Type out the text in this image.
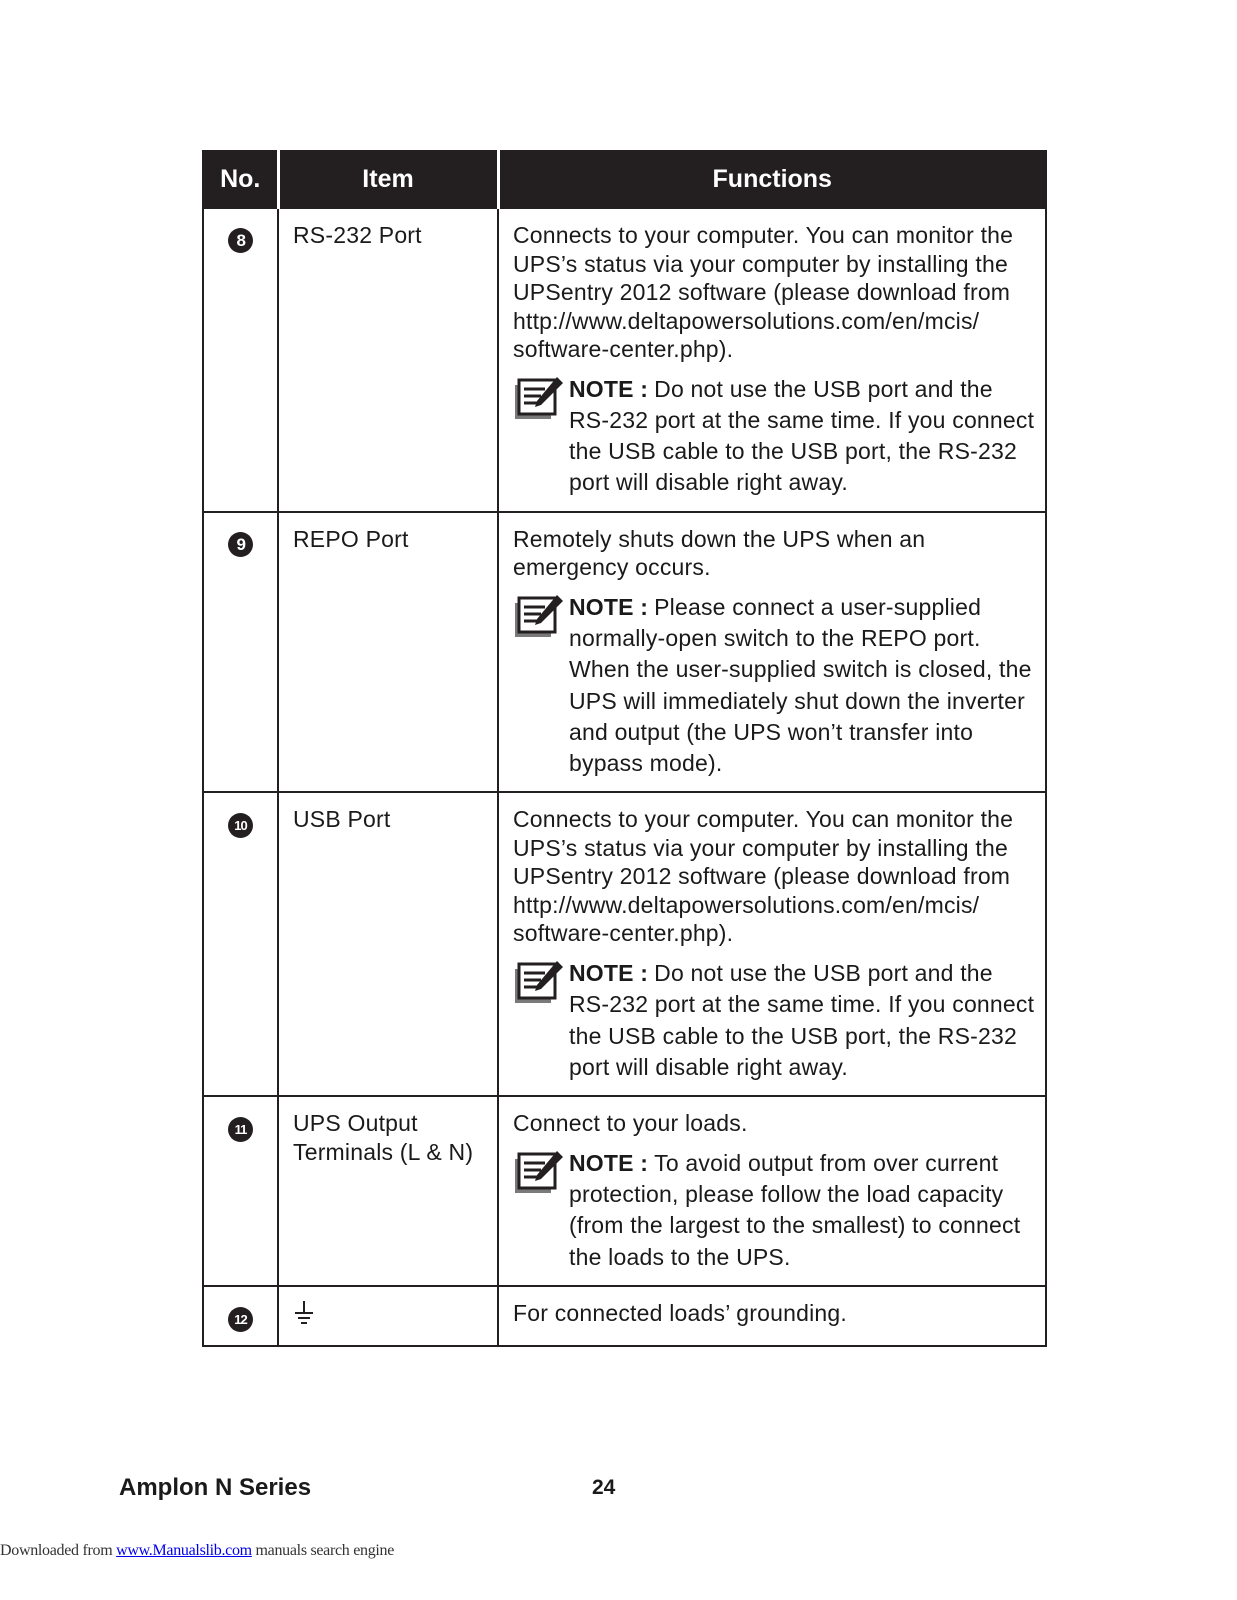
No.	Item	Functions
8	RS-232 Port	Connects to your computer. You can monitor the UPS’s status via your computer by installing the UPSentry 2012 software (please download from http://www.deltapowersolutions.com/en/mcis/ software-center.php).
NOTE : Do not use the USB port and the RS-232 port at the same time. If you connect the USB cable to the USB port, the RS-232 port will disable right away.

9	REPO Port	Remotely shuts down the UPS when an emergency occurs.
NOTE : Please connect a user-supplied normally-open switch to the REPO port. When the user-supplied switch is closed, the UPS will immediately shut down the inverter and output (the UPS won’t transfer into bypass mode).

10	USB Port	Connects to your computer. You can monitor the UPS’s status via your computer by installing the UPSentry 2012 software (please download from http://www.deltapowersolutions.com/en/mcis/ software-center.php).
NOTE : Do not use the USB port and the RS-232 port at the same time. If you connect the USB cable to the USB port, the RS-232 port will disable right away.

11	UPS Output Terminals (L & N)	Connect to your loads.
NOTE : To avoid output from over current protection, please follow the load capacity (from the largest to the smallest) to connect the loads to the UPS.

12		For connected loads’ grounding.
Amplon N Series	24
Downloaded from www.Manualslib.com manuals search engine
